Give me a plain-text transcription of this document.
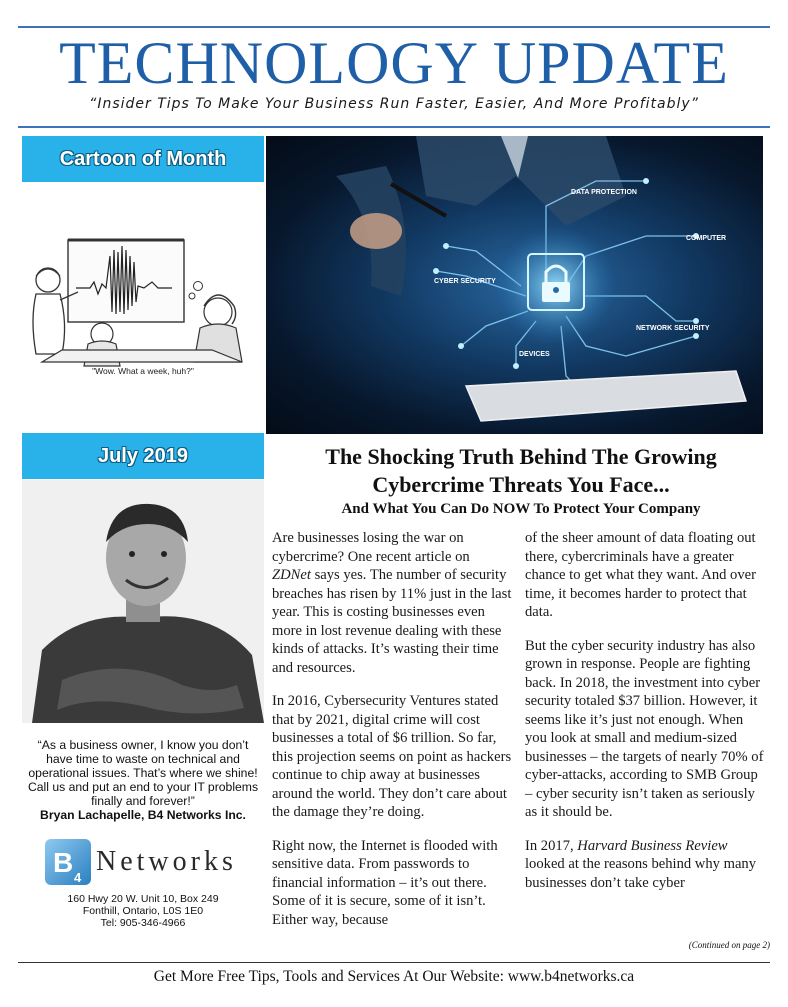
TECHNOLOGY UPDATE
“Insider Tips To Make Your Business Run Faster, Easier, And More Profitably”
Cartoon of Month
"Wow. What a week, huh?"
DATA PROTECTION
COMPUTER
CYBER SECURITY
NETWORK SECURITY
DEVICES
July 2019
“As a business owner, I know you don’t have time to waste on technical and operational issues. That’s where we shine! Call us and put an end to your IT problems finally and forever!”
Bryan Lachapelle, B4 Networks Inc.
B 4
Networks
160 Hwy 20 W. Unit 10, Box 249
Fonthill, Ontario, L0S 1E0
Tel: 905-346-4966
The Shocking Truth Behind The Growing
Cybercrime Threats You Face...
And What You Can Do NOW To Protect Your Company

Are businesses losing the war on cybercrime? One recent article on ZDNet says yes. The number of security breaches has risen by 11% just in the last year. This is costing businesses even more in lost revenue dealing with these kinds of attacks. It’s wasting their time and resources.

In 2016, Cybersecurity Ventures stated that by 2021, digital crime will cost businesses a total of $6 trillion. So far, this projection seems on point as hackers continue to chip away at businesses around the world. They don’t care about the damage they’re doing.

Right now, the Internet is flooded with sensitive data. From passwords to financial information – it’s out there. Some of it is secure, some of it isn’t. Either way, because

of the sheer amount of data floating out there, cybercriminals have a greater chance to get what they want. And over time, it becomes harder to protect that data.

But the cyber security industry has also grown in response. People are fighting back. In 2018, the investment into cyber security totaled $37 billion. However, it seems like it’s just not enough. When you look at small and medium-sized businesses – the targets of nearly 70% of cyber-attacks, according to SMB Group – cyber security isn’t taken as seriously as it should be.

In 2017, Harvard Business Review looked at the reasons behind why many businesses don’t take cyber

(Continued on page 2)
Get More Free Tips, Tools and Services At Our Website: www.b4networks.ca
